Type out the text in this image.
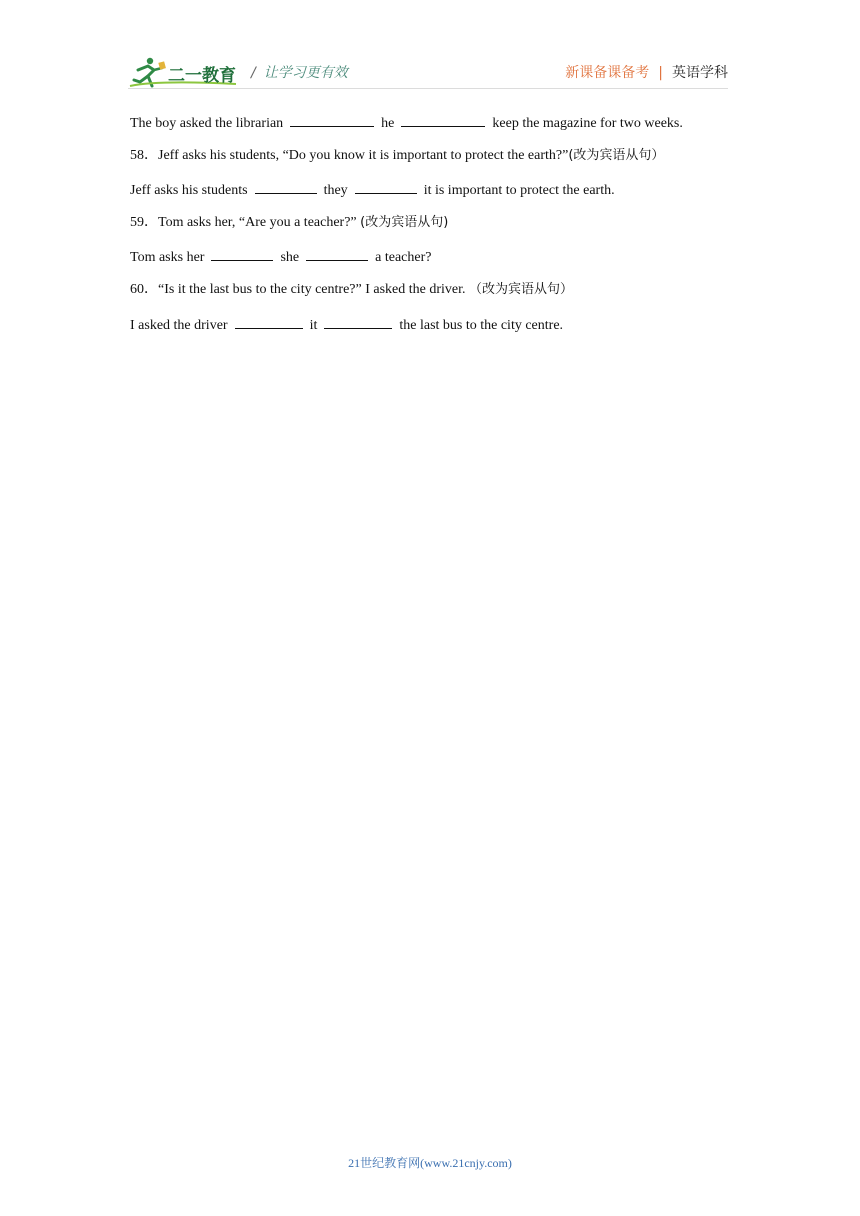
二一教育 / 让学习更有效	新课备课备考 | 英语学科
The boy asked the librarian	he	keep the magazine for two weeks.
58．Jeff asks his students, “Do you know it is important to protect the earth?”(改为宾语从句）
Jeff asks his students	they	it is important to protect the earth.
59．Tom asks her, “Are you a teacher?” (改为宾语从句)
Tom asks her	she	a teacher?
60．“Is it the last bus to the city centre?” I asked the driver. （改为宾语从句）
I asked the driver	it	the last bus to the city centre.
21世纪教育网(www.21cnjy.com)
